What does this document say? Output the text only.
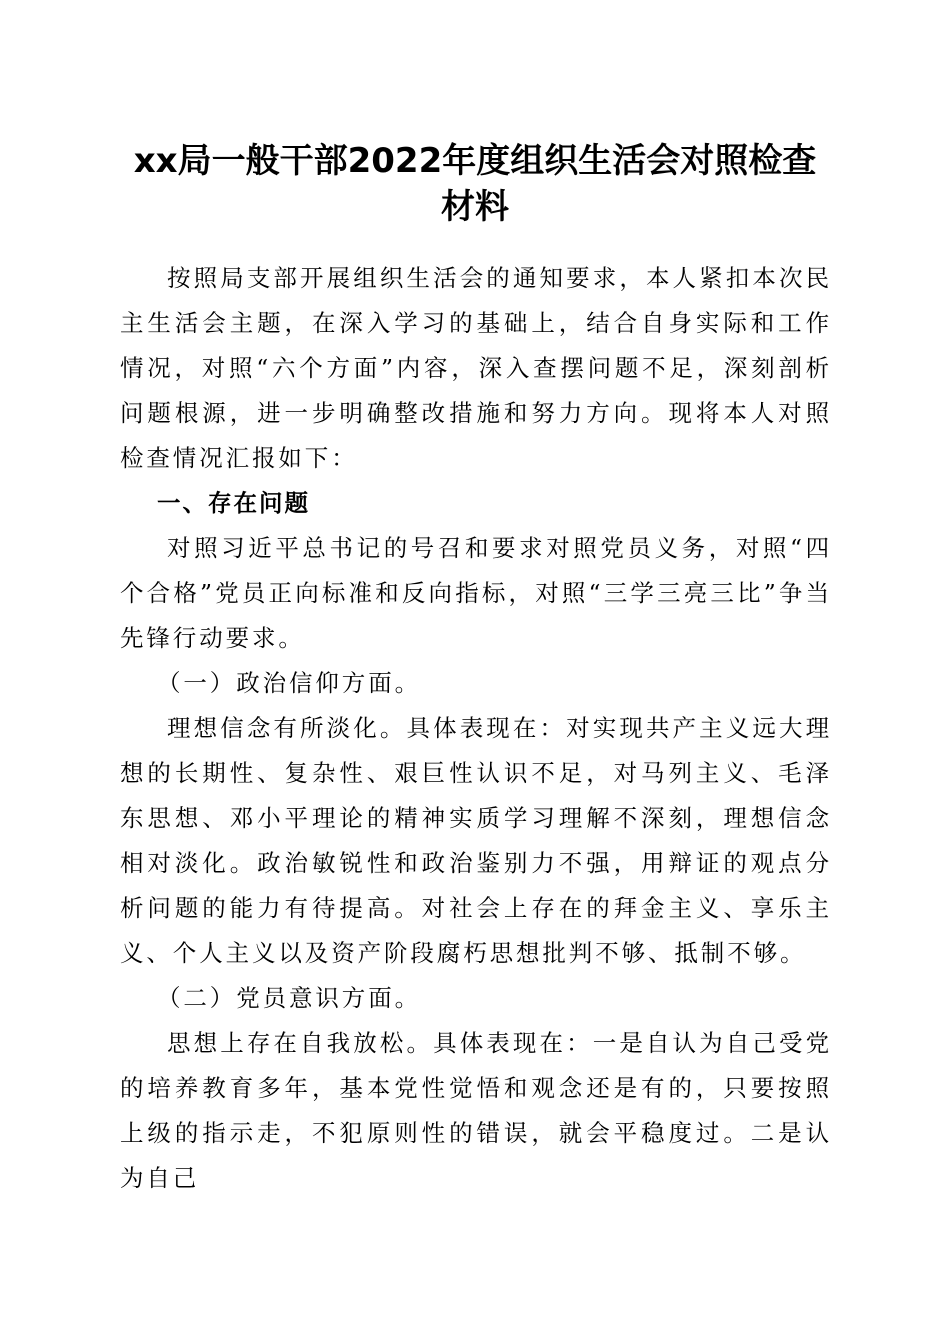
xx局一般干部2022年度组织生活会对照检查
材料

按照局支部开展组织生活会的通知要求，本人紧扣本次民主生活会主题，在深入学习的基础上，结合自身实际和工作情况，对照“六个方面”内容，深入查摆问题不足，深刻剖析问题根源，进一步明确整改措施和努力方向。现将本人对照检查情况汇报如下：

一、存在问题

对照习近平总书记的号召和要求对照党员义务，对照“四个合格”党员正向标准和反向指标，对照“三学三亮三比”争当先锋行动要求。

（一）政治信仰方面。

理想信念有所淡化。具体表现在：对实现共产主义远大理想的长期性、复杂性、艰巨性认识不足，对马列主义、毛泽东思想、邓小平理论的精神实质学习理解不深刻，理想信念相对淡化。政治敏锐性和政治鉴别力不强，用辩证的观点分析问题的能力有待提高。对社会上存在的拜金主义、享乐主义、个人主义以及资产阶段腐朽思想批判不够、抵制不够。

（二）党员意识方面。

思想上存在自我放松。具体表现在：一是自认为自己受党的培养教育多年，基本党性觉悟和观念还是有的，只要按照上级的指示走，不犯原则性的错误，就会平稳度过。二是认为自己
